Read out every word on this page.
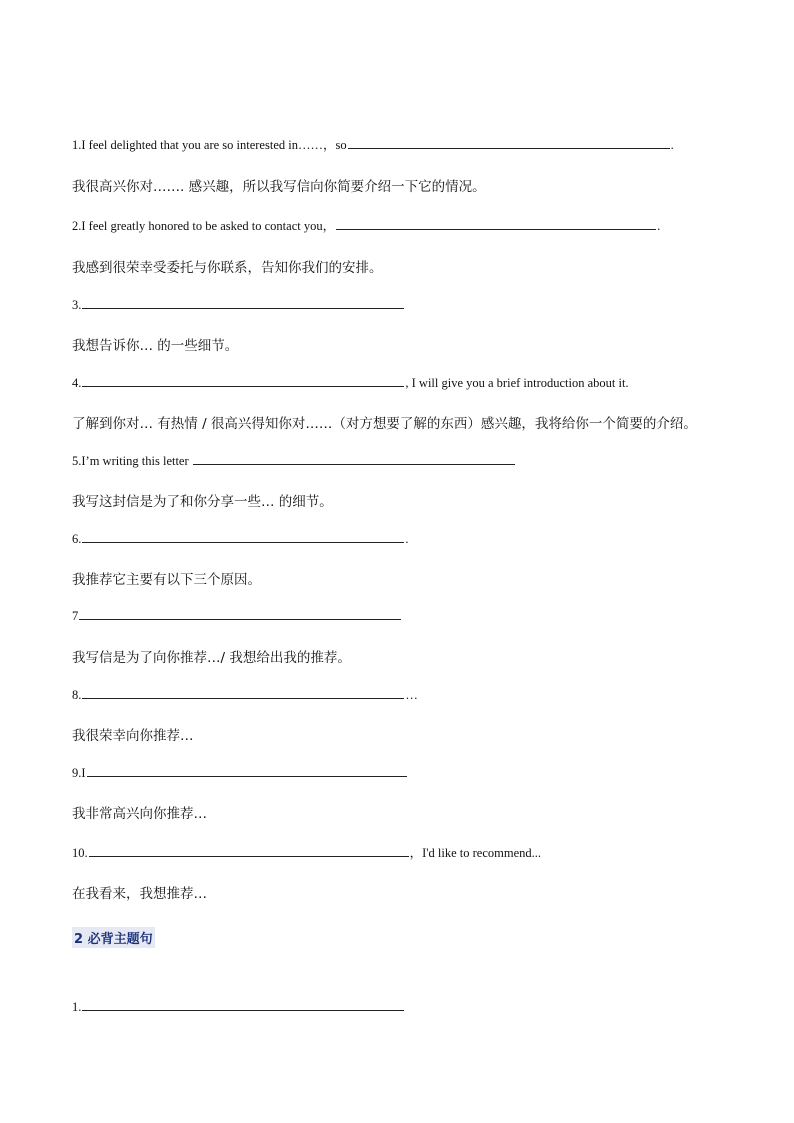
1.I feel delighted that you are so interested in……，so	.
我很高兴你对……. 感兴趣，所以我写信向你简要介绍一下它的情况。
2.I feel greatly honored to be asked to contact you，	.
我感到很荣幸受委托与你联系，告知你我们的安排。
3.
我想告诉你… 的一些细节。
4.	, I will give you a brief introduction about it.
了解到你对… 有热情 / 很高兴得知你对……（对方想要了解的东西）感兴趣，我将给你一个简要的介绍。
5.I’m writing this letter
我写这封信是为了和你分享一些… 的细节。
6.	.
我推荐它主要有以下三个原因。
7
我写信是为了向你推荐…/ 我想给出我的推荐。
8.	…
我很荣幸向你推荐…
9.I
我非常高兴向你推荐…
10.	，I'd like to recommend...
在我看来，我想推荐…
2 必背主题句
1.
